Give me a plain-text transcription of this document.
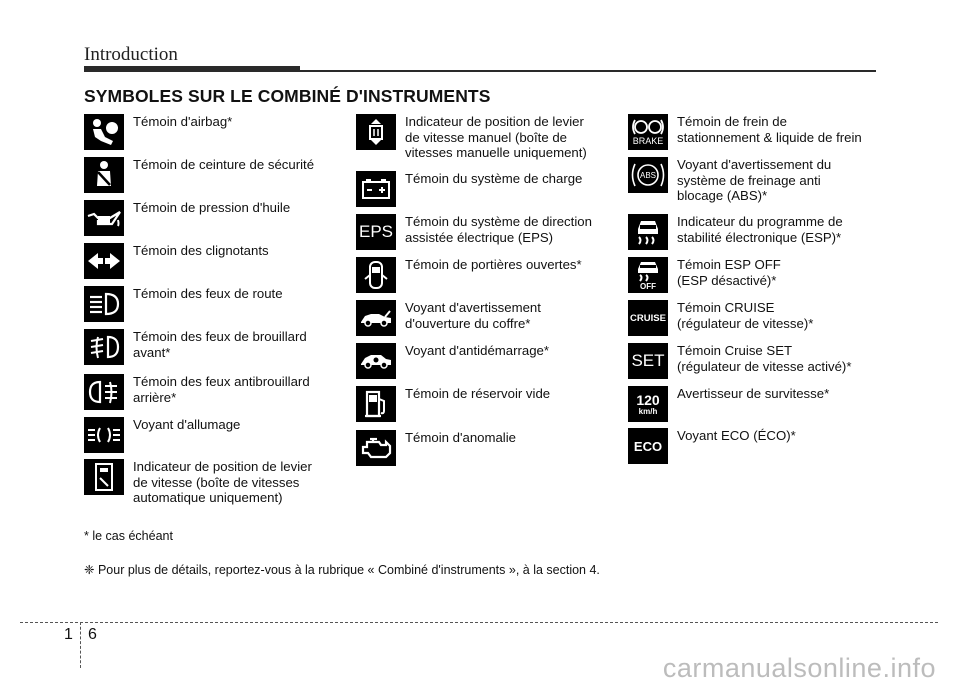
Introduction
SYMBOLES SUR LE COMBINÉ D'INSTRUMENTS
Témoin d'airbag*
Témoin de ceinture de sécurité
Témoin de pression d'huile
Témoin des clignotants
Témoin des feux de route
Témoin des feux de brouillard
avant*
Témoin des feux antibrouillard
arrière*
Voyant d'allumage
Indicateur de position de levier
de vitesse (boîte de vitesses
automatique uniquement)
Indicateur de position de levier
de vitesse manuel (boîte de
vitesses manuelle uniquement)
Témoin du système de charge
EPS
Témoin du système de direction
assistée électrique (EPS)
Témoin de portières ouvertes*
Voyant d'avertissement
d'ouverture du coffre*
Voyant d'antidémarrage*
Témoin de réservoir vide
Témoin d'anomalie
BRAKE
Témoin de frein de
stationnement & liquide de frein
ABS
Voyant d'avertissement du
système de freinage anti
blocage (ABS)*
Indicateur du programme de
stabilité électronique (ESP)*
OFF
Témoin ESP OFF
(ESP désactivé)*
CRUISE
Témoin CRUISE
(régulateur de vitesse)*
SET
Témoin Cruise SET
(régulateur de vitesse activé)*
120
km/h
Avertisseur de survitesse*
ECO
Voyant ECO (ÉCO)*
* le cas échéant
❈ Pour plus de détails, reportez-vous à la rubrique « Combiné d'instruments », à la section 4.
1 6
carmanualsonline.info
